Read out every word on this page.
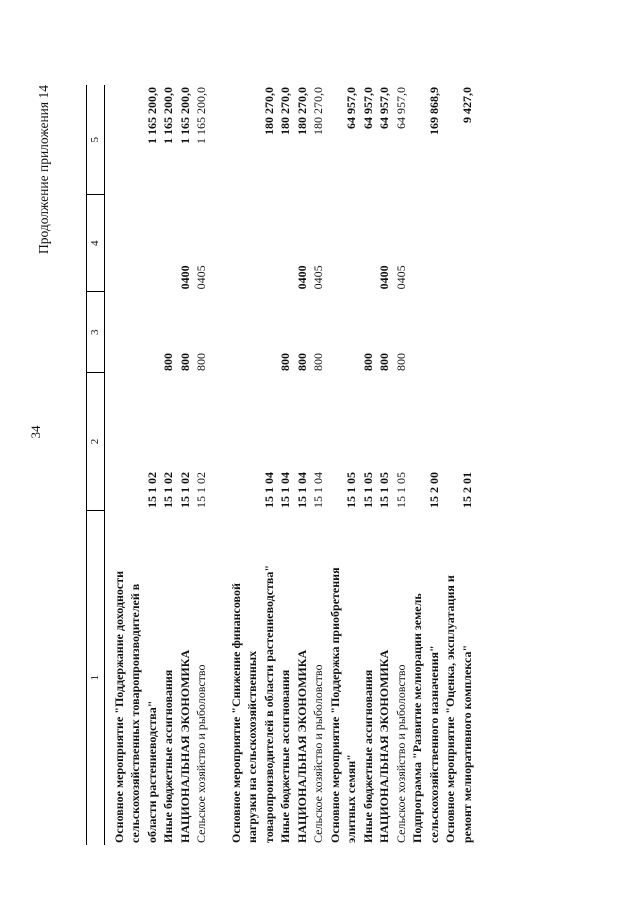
34
Продолжение приложения 14
1	2	3	4	5

Основное мероприятие "Поддержание доходности сельскохозяйственных товаропроизводителей в области растениеводства"	15 1 02			1 165 200,0

Иные бюджетные ассигнования	15 1 02	800		1 165 200,0

НАЦИОНАЛЬНАЯ ЭКОНОМИКА	15 1 02	800	0400	1 165 200,0

Сельское хозяйство и рыболовство	15 1 02	800	0405	1 165 200,0

Основное мероприятие "Снижение финансовой нагрузки на сельскохозяйственных товаропроизводителей в области растениеводства"	15 1 04			180 270,0

Иные бюджетные ассигнования	15 1 04	800		180 270,0

НАЦИОНАЛЬНАЯ ЭКОНОМИКА	15 1 04	800	0400	180 270,0

Сельское хозяйство и рыболовство	15 1 04	800	0405	180 270,0

Основное мероприятие "Поддержка приобретения элитных семян"	15 1 05			64 957,0

Иные бюджетные ассигнования	15 1 05	800		64 957,0

НАЦИОНАЛЬНАЯ ЭКОНОМИКА	15 1 05	800	0400	64 957,0

Сельское хозяйство и рыболовство	15 1 05	800	0405	64 957,0

Подпрограмма "Развитие мелиорации земель сельскохозяйственного назначения"	15 2 00			169 868,9

Основное мероприятие "Оценка, эксплуатация и ремонт мелиоративного комплекса"	15 2 01			9 427,0
